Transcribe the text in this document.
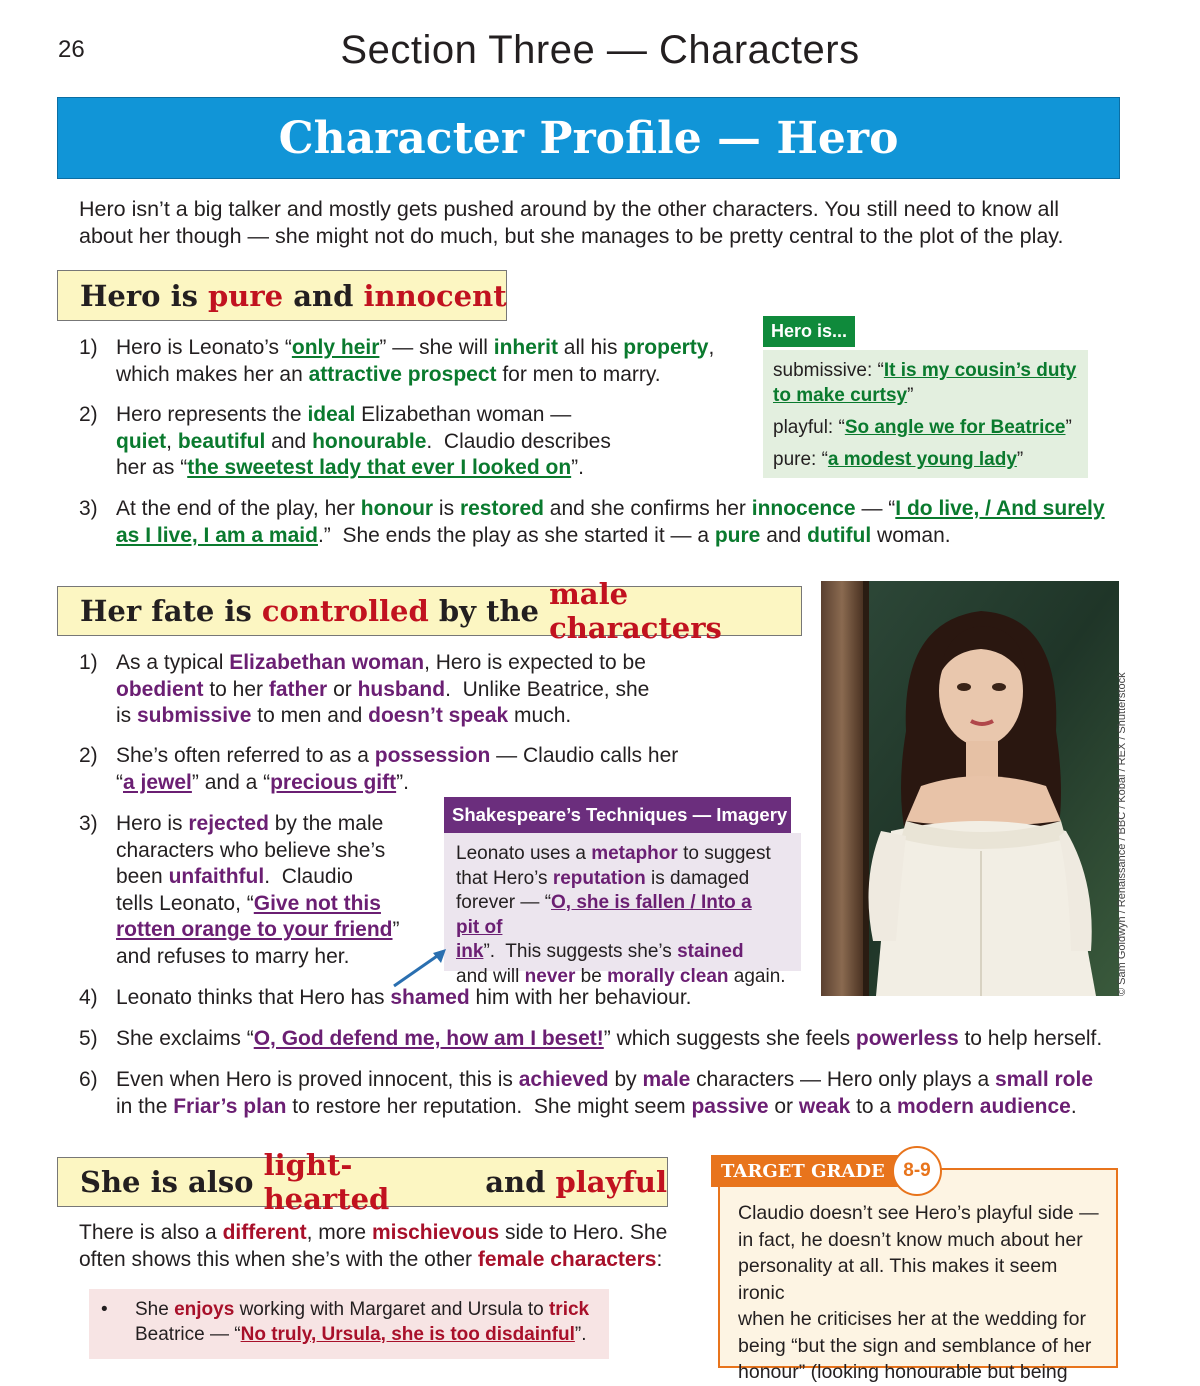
26	Section Three — Characters
Character Profile — Hero
Hero isn’t a big talker and mostly gets pushed around by the other characters. You still need to know all about her though — she might not do much, but she manages to be pretty central to the plot of the play.
Hero is pure and innocent
1) Hero is Leonato’s “only heir” — she will inherit all his property,
which makes her an attractive prospect for men to marry.
2) Hero represents the ideal Elizabethan woman —
quiet, beautiful and honourable.  Claudio describes
her as “the sweetest lady that ever I looked on”.
3) At the end of the play, her honour is restored and she confirms her innocence — “I do live, / And surely
as I live, I am a maid.”  She ends the play as she started it — a pure and dutiful woman.
Hero is...
submissive: “It is my cousin’s duty
to make curtsy”
playful: “So angle we for Beatrice”
pure: “a modest young lady”
Her fate is controlled by the male characters
© Sam Goldwyn / Renaissance / BBC / Kobal / REX / Shutterstock
1) As a typical Elizabethan woman, Hero is expected to be
obedient to her father or husband.  Unlike Beatrice, she
is submissive to men and doesn’t speak much.
2) She’s often referred to as a possession — Claudio calls her
“a jewel” and a “precious gift”.
3) Hero is rejected by the male
characters who believe she’s
been unfaithful.  Claudio
tells Leonato, “Give not this
rotten orange to your friend”
and refuses to marry her.
Shakespeare’s Techniques — Imagery
Leonato uses a metaphor to suggest
that Hero’s reputation is damaged
forever — “O, she is fallen / Into a
pit of ink”.  This suggests she’s stained
and will never be morally clean again.
4) Leonato thinks that Hero has shamed him with her behaviour.
5) She exclaims “O, God defend me, how am I beset!” which suggests she feels powerless to help herself.
6) Even when Hero is proved innocent, this is achieved by male characters — Hero only plays a small role
in the Friar’s plan to restore her reputation.  She might seem passive or weak to a modern audience.
She is also light-hearted	and playful
There is also a different, more mischievous side to Hero. She
often shows this when she’s with the other female characters:
• She enjoys working with Margaret and Ursula to trick
Beatrice — “No truly, Ursula, she is too disdainful”.
Claudio doesn’t see Hero’s playful side —
in fact, he doesn’t know much about her
personality at all. This makes it seem ironic
when he criticises her at the wedding for
being “but the sign and semblance of her
honour” (looking honourable but being
TARGET GRADE 8-9
